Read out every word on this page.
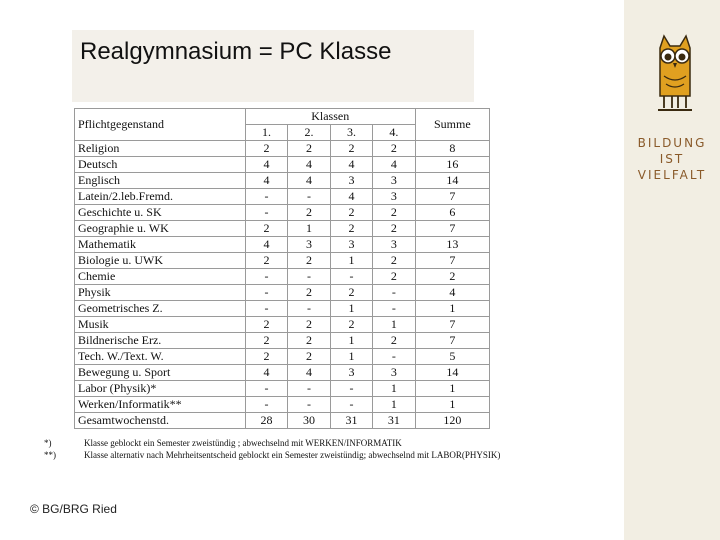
Realgymnasium = PC Klasse
Pflichtgegenstand	Klassen				Summe
	1.	2.	3.	4.	
Religion	2	2	2	2	8
Deutsch	4	4	4	4	16
Englisch	4	4	3	3	14
Latein/2.leb.Fremd.	-	-	4	3	7
Geschichte u. SK	-	2	2	2	6
Geographie u. WK	2	1	2	2	7
Mathematik	4	3	3	3	13
Biologie u. UWK	2	2	1	2	7
Chemie	-	-	-	2	2
Physik	-	2	2	-	4
Geometrisches Z.	-	-	1	-	1
Musik	2	2	2	1	7
Bildnerische Erz.	2	2	1	2	7
Tech. W./Text. W.	2	2	1	-	5
Bewegung u. Sport	4	4	3	3	14
Labor (Physik)*	-	-	-	1	1
Werken/Informatik**	-	-	-	1	1
Gesamtwochenstd.	28	30	31	31	120
*)	Klasse geblockt ein Semester zweistündig ; abwechselnd mit WERKEN/INFORMATIK
**)	Klasse alternativ nach Mehrheitsentscheid geblockt ein Semester zweistündig; abwechselnd mit LABOR(PHYSIK)
© BG/BRG Ried
BILDUNG
IST
VIELFALT
